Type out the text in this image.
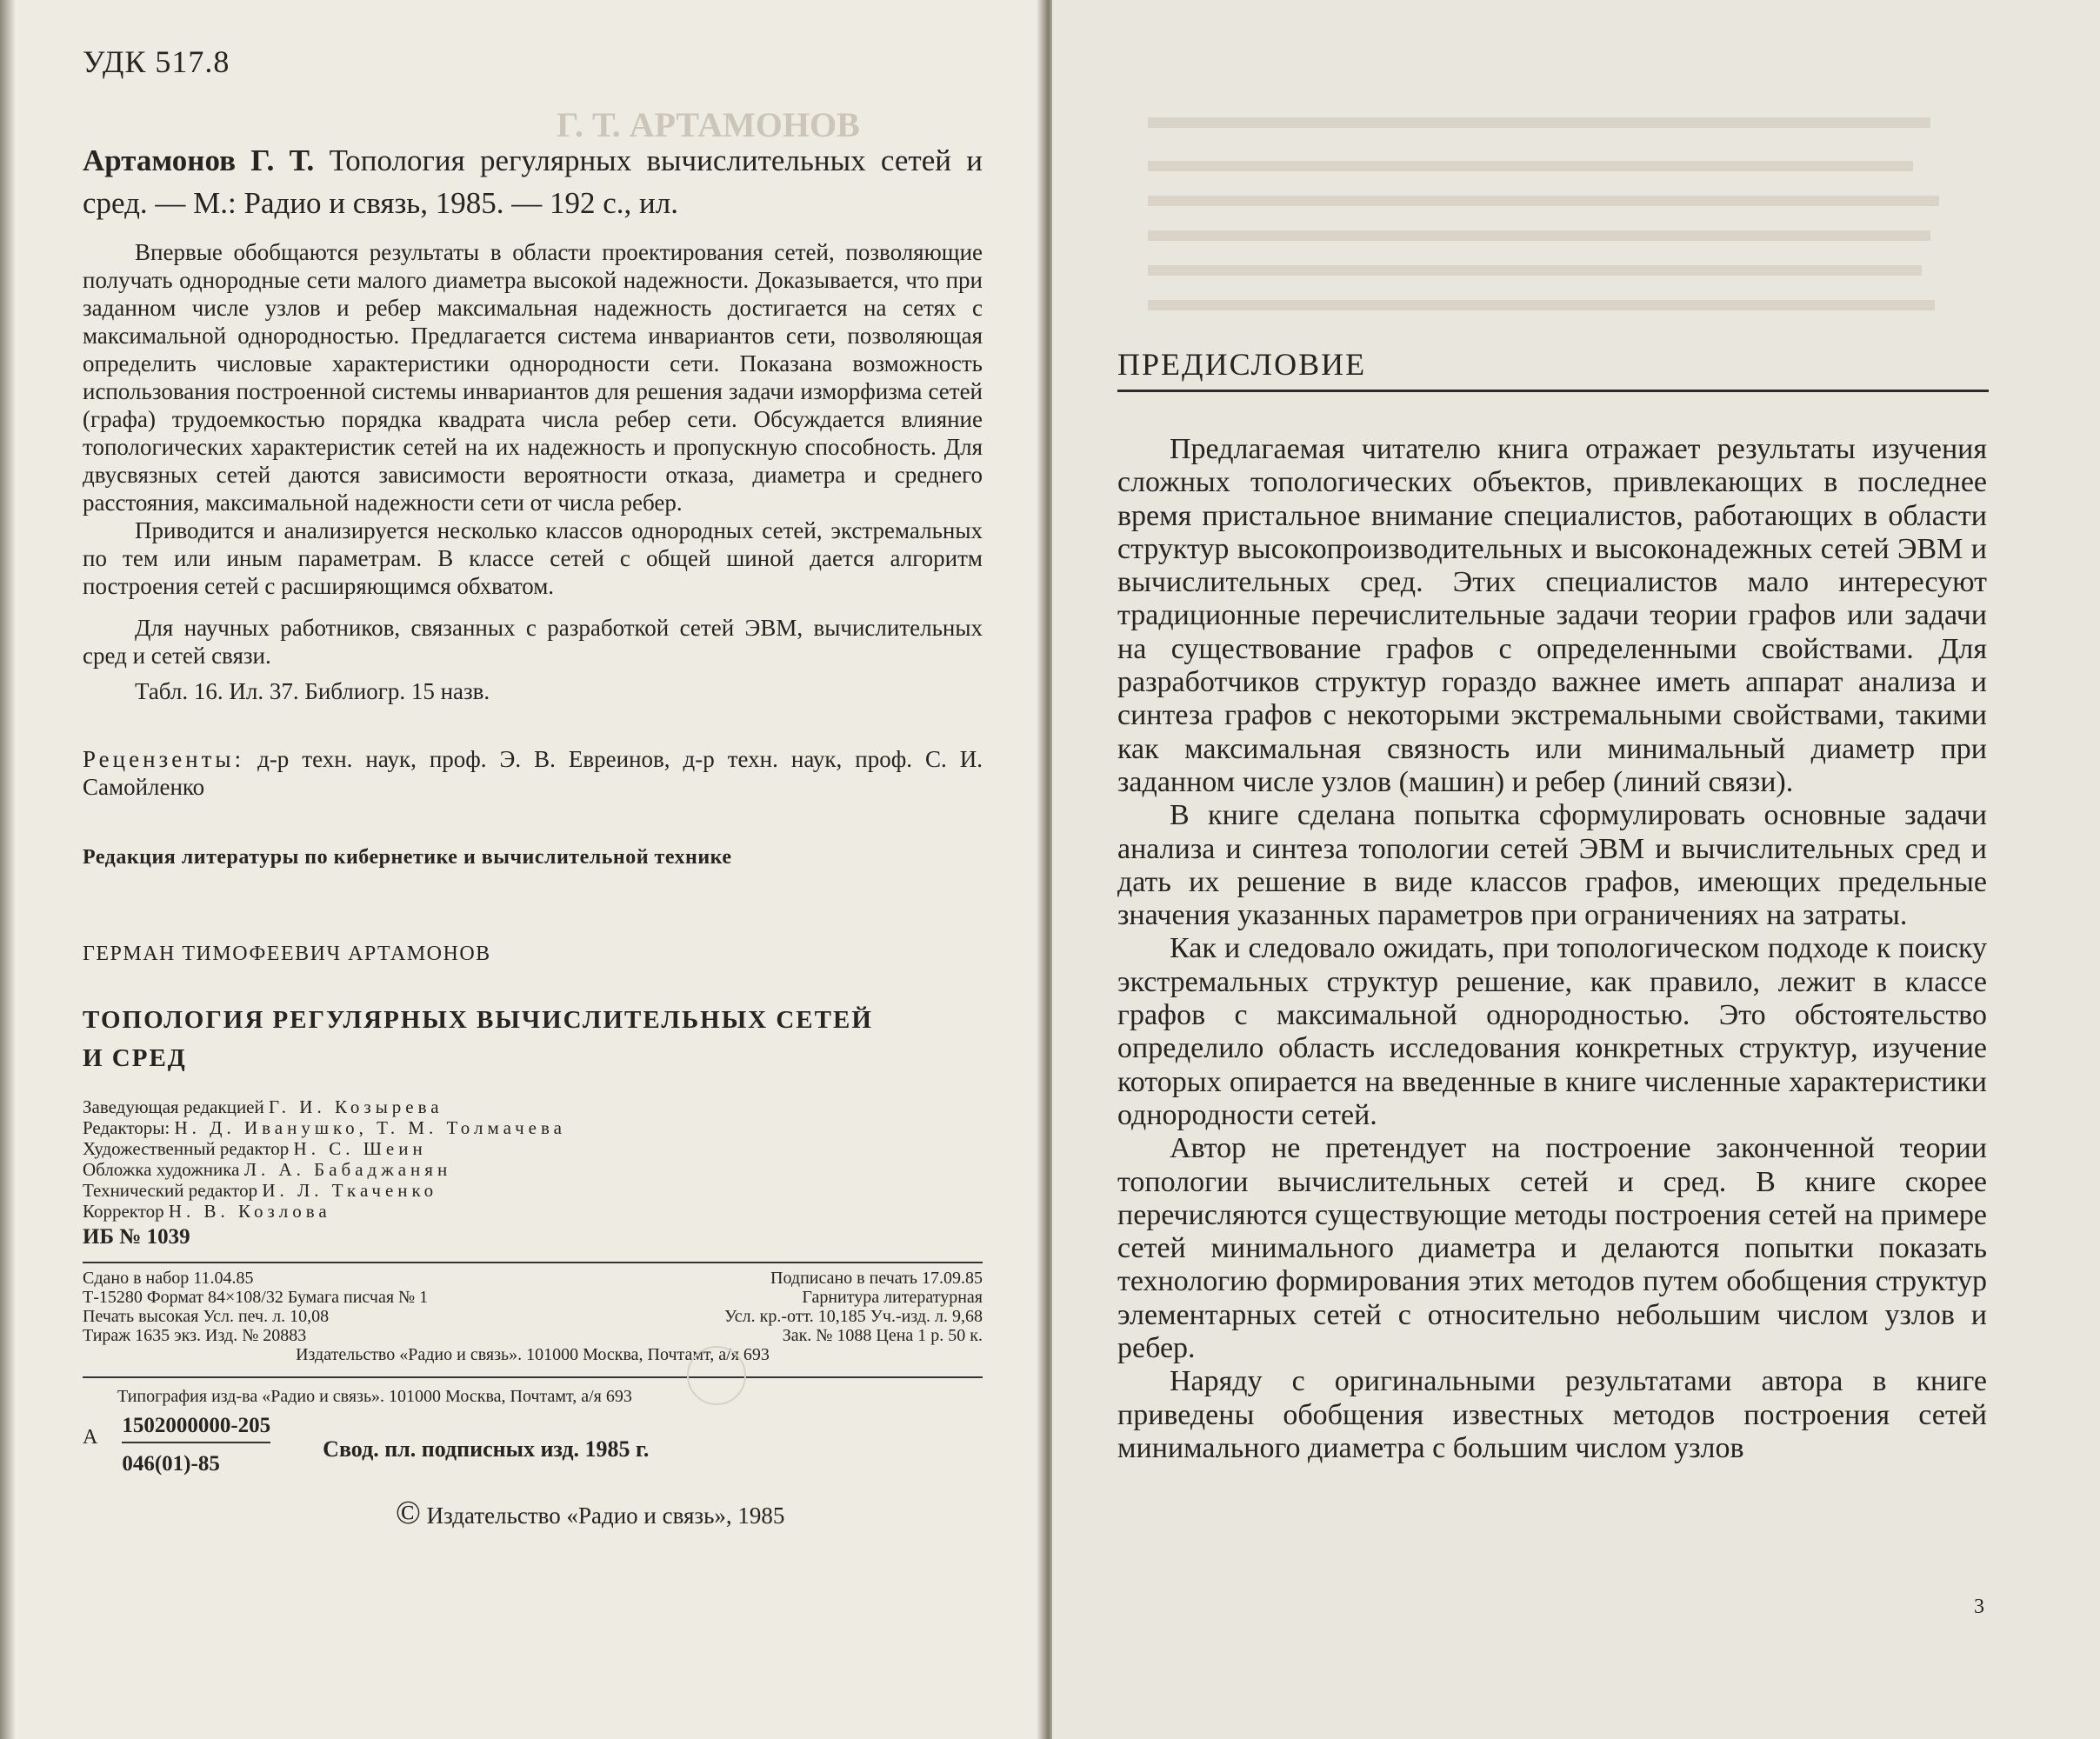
Г. Т. АРТАМОНОВ
УДК 517.8

Артамонов Г. Т. Топология регулярных вычислительных сетей и сред. — М.: Радио и связь, 1985. — 192 с., ил.

Впервые обобщаются результаты в области проектирования сетей, позволяющие получать однородные сети малого диаметра высокой надежности. Доказывается, что при заданном числе узлов и ребер максимальная надежность достигается на сетях с максимальной однородностью. Предлагается система инвариантов сети, позволяющая определить числовые характеристики однородности сети. Показана возможность использования построенной системы инвариантов для решения задачи изморфизма сетей (графа) трудоемкостью порядка квадрата числа ребер сети. Обсуждается влияние топологических характеристик сетей на их надежность и пропускную способность. Для двусвязных сетей даются зависимости вероятности отказа, диаметра и среднего расстояния, максимальной надежности сети от числа ребер.

Приводится и анализируется несколько классов однородных сетей, экстремальных по тем или иным параметрам. В классе сетей с общей шиной дается алгоритм построения сетей с расширяющимся обхватом.

Для научных работников, связанных с разработкой сетей ЭВМ, вычислительных сред и сетей связи.

Табл. 16. Ил. 37. Библиогр. 15 назв.
Рецензенты: д-р техн. наук, проф. Э. В. Евреинов, д-р техн. наук, проф. С. И. Самойленко
Редакция литературы по кибернетике и вычислительной технике
ГЕРМАН ТИМОФЕЕВИЧ АРТАМОНОВ
ТОПОЛОГИЯ РЕГУЛЯРНЫХ ВЫЧИСЛИТЕЛЬНЫХ СЕТЕЙ
И СРЕД
Заведующая редакцией Г. И. Козырева
Редакторы: Н. Д. Иванушко, Т. М. Толмачева
Художественный редактор Н. С. Шеин
Обложка художника Л. А. Бабаджанян
Технический редактор И. Л. Ткаченко
Корректор Н. В. Козлова
ИБ № 1039
Сдано в набор 11.04.85	Подписано в печать 17.09.85
Т-15280 Формат 84×108/32 Бумага писчая № 1	Гарнитура литературная
Печать высокая Усл. печ. л. 10,08	Усл. кр.-отт. 10,185 Уч.-изд. л. 9,68
Тираж 1635 экз. Изд. № 20883	Зак. № 1088 Цена 1 р. 50 к.
Издательство «Радио и связь». 101000 Москва, Почтамт, а/я 693
Типография изд-ва «Радио и связь». 101000 Москва, Почтамт, а/я 693
А $\frac{1502000000-205}{046(01)-85}$ Свод. пл. подписных изд. 1985 г.
© Издательство «Радио и связь», 1985
ПРЕДИСЛОВИЕ

Предлагаемая читателю книга отражает результаты изучения сложных топологических объектов, привлекающих в последнее время пристальное внимание специалистов, работающих в области структур высокопроизводительных и высоконадежных сетей ЭВМ и вычислительных сред. Этих специалистов мало интересуют традиционные перечислительные задачи теории графов или задачи на существование графов с определенными свойствами. Для разработчиков структур гораздо важнее иметь аппарат анализа и синтеза графов с некоторыми экстремальными свойствами, такими как максимальная связность или минимальный диаметр при заданном числе узлов (машин) и ребер (линий связи).

В книге сделана попытка сформулировать основные задачи анализа и синтеза топологии сетей ЭВМ и вычислительных сред и дать их решение в виде классов графов, имеющих предельные значения указанных параметров при ограничениях на затраты.

Как и следовало ожидать, при топологическом подходе к поиску экстремальных структур решение, как правило, лежит в классе графов с максимальной однородностью. Это обстоятельство определило область исследования конкретных структур, изучение которых опирается на введенные в книге численные характеристики однородности сетей.

Автор не претендует на построение законченной теории топологии вычислительных сетей и сред. В книге скорее перечисляются существующие методы построения сетей на примере сетей минимального диаметра и делаются попытки показать технологию формирования этих методов путем обобщения структур элементарных сетей с относительно небольшим числом узлов и ребер.

Наряду с оригинальными результатами автора в книге приведены обобщения известных методов построения сетей минимального диаметра с большим числом узлов

3
